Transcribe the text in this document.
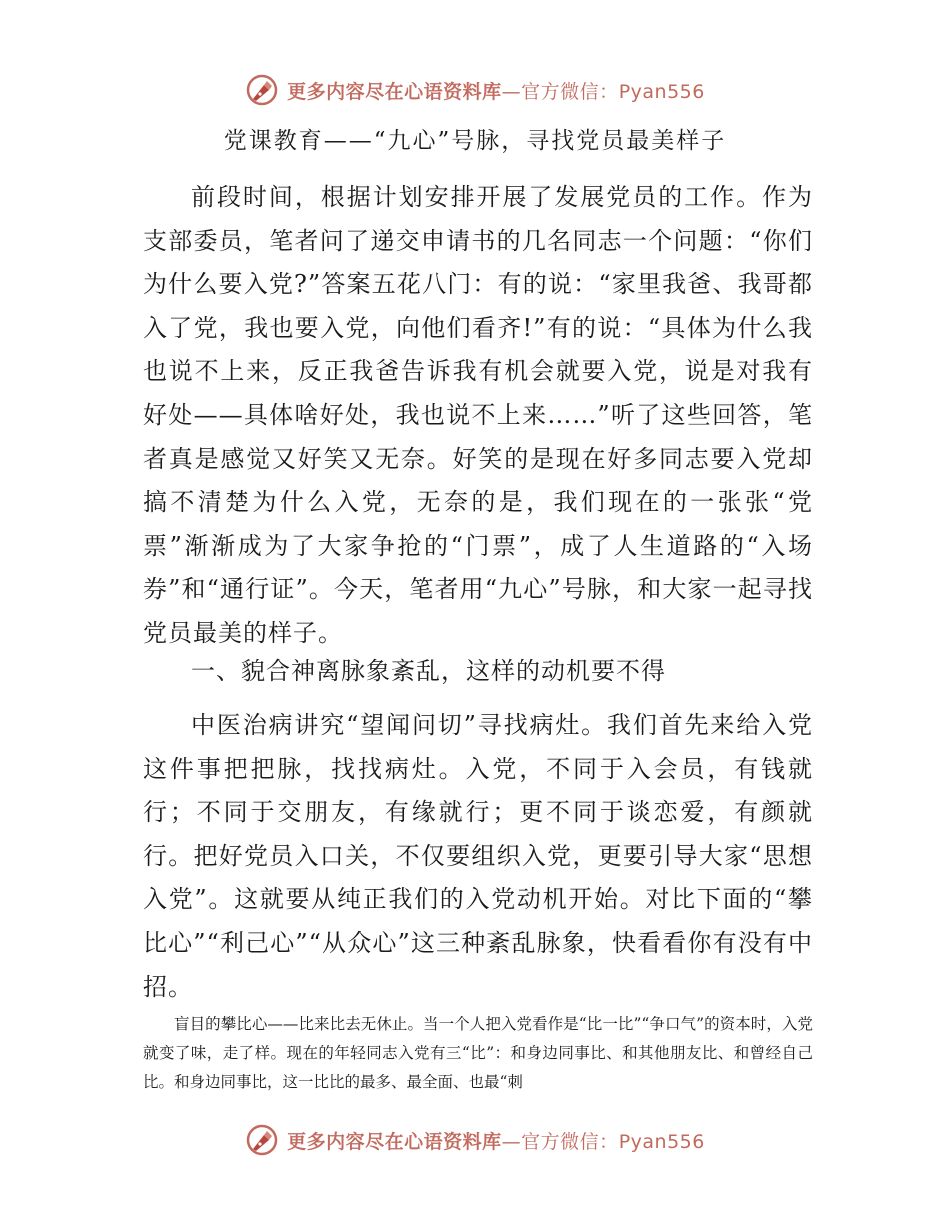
更多内容尽在心语资料库—官方微信：Pyan556
党课教育——“九心”号脉，寻找党员最美样子

前段时间，根据计划安排开展了发展党员的工作。作为支部委员，笔者问了递交申请书的几名同志一个问题：“你们为什么要入党?”答案五花八门：有的说：“家里我爸、我哥都入了党，我也要入党，向他们看齐!”有的说：“具体为什么我也说不上来，反正我爸告诉我有机会就要入党，说是对我有好处——具体啥好处，我也说不上来……”听了这些回答，笔者真是感觉又好笑又无奈。好笑的是现在好多同志要入党却搞不清楚为什么入党，无奈的是，我们现在的一张张“党票”渐渐成为了大家争抢的“门票”，成了人生道路的“入场券”和“通行证”。今天，笔者用“九心”号脉，和大家一起寻找党员最美的样子。

一、貌合神离脉象紊乱，这样的动机要不得

中医治病讲究“望闻问切”寻找病灶。我们首先来给入党这件事把把脉，找找病灶。入党，不同于入会员，有钱就行；不同于交朋友，有缘就行；更不同于谈恋爱，有颜就行。把好党员入口关，不仅要组织入党，更要引导大家“思想入党”。这就要从纯正我们的入党动机开始。对比下面的“攀比心”“利己心”“从众心”这三种紊乱脉象，快看看你有没有中招。

盲目的攀比心——比来比去无休止。当一个人把入党看作是“比一比”“争口气”的资本时，入党就变了味，走了样。现在的年轻同志入党有三“比”：和身边同事比、和其他朋友比、和曾经自己比。和身边同事比，这一比比的最多、最全面、也最“刺

更多内容尽在心语资料库—官方微信：Pyan556
